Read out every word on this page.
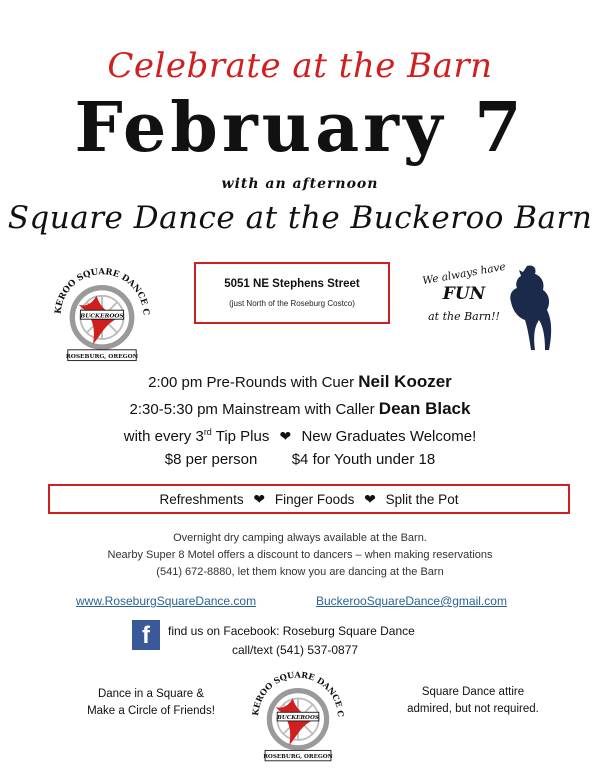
Celebrate at the Barn
February 7
with an afternoon
Square Dance at the Buckeroo Barn
KEROO SQUARE DANCE C
BUCKEROOS
ROSEBURG, OREGON
5051 NE Stephens Street
(just North of the Roseburg Costco)
We always have
FUN
at the Barn!!
2:00 pm Pre-Rounds with Cuer Neil Koozer
2:30-5:30 pm Mainstream with Caller Dean Black
with every 3rd Tip Plus ❤ New Graduates Welcome!
$8 per person $4 for Youth under 18
Refreshments ❤ Finger Foods ❤ Split the Pot
Overnight dry camping always available at the Barn.
Nearby Super 8 Motel offers a discount to dancers – when making reservations
(541) 672-8880, let them know you are dancing at the Barn
www.RoseburgSquareDance.com	BuckerooSquareDance@gmail.com
f	find us on Facebook: Roseburg Square Dance
call/text (541) 537-0877
Dance in a Square &
Make a Circle of Friends!	KEROO SQUARE DANCE C
BUCKEROOS
ROSEBURG, OREGON
Square Dance attire
admired, but not required.
